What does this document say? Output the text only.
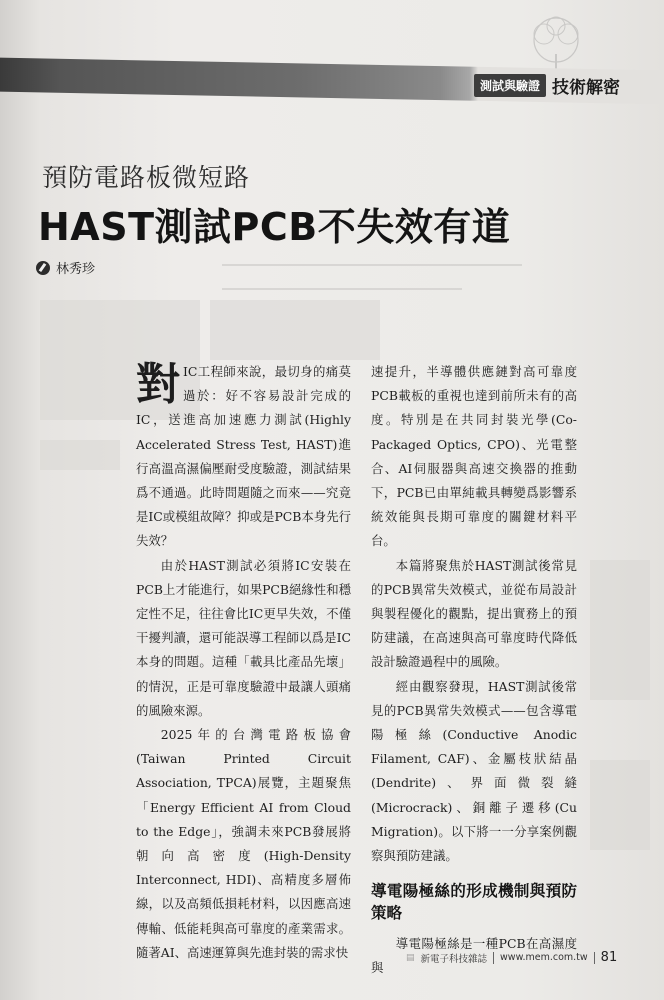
測試與驗證 技術解密
預防電路板微短路
HAST測試PCB不失效有道
林秀珍

對 IC工程師來說，最切身的痛莫過於：好不容易設計完成的IC，送進高加速應力測試(Highly Accelerated Stress Test, HAST)進行高溫高濕偏壓耐受度驗證，測試結果爲不通過。此時問題隨之而來——究竟是IC或模組故障？抑或是PCB本身先行失效？

由於HAST測試必須將IC安裝在PCB上才能進行，如果PCB絕緣性和穩定性不足，往往會比IC更早失效，不僅干擾判讀，還可能誤導工程師以爲是IC本身的問題。這種「載具比產品先壞」的情況，正是可靠度驗證中最讓人頭痛的風險來源。

2025年的台灣電路板協會(Taiwan Printed Circuit Association, TPCA)展覽，主題聚焦「Energy Efficient AI from Cloud to the Edge」，強調未來PCB發展將朝向高密度(High-Density Interconnect, HDI)、高精度多層佈線，以及高頻低損耗材料，以因應高速傳輸、低能耗與高可靠度的產業需求。隨著AI、高速運算與先進封裝的需求快

速提升，半導體供應鏈對高可靠度PCB載板的重視也達到前所未有的高度。特別是在共同封裝光學(Co-Packaged Optics, CPO)、光電整合、AI伺服器與高速交換器的推動下，PCB已由單純載具轉變爲影響系統效能與長期可靠度的關鍵材料平台。

本篇將聚焦於HAST測試後常見的PCB異常失效模式，並從布局設計與製程優化的觀點，提出實務上的預防建議，在高速與高可靠度時代降低設計驗證過程中的風險。

經由觀察發現，HAST測試後常見的PCB異常失效模式——包含導電陽極絲(Conductive Anodic Filament, CAF)、金屬枝狀結晶(Dendrite)、界面微裂縫(Microcrack)、銅離子遷移(Cu Migration)。以下將一一分享案例觀察與預防建議。

導電陽極絲的形成機制與預防策略

導電陽極絲是一種PCB在高濕度與

▤ 新電子科技雜誌 www.mem.com.tw 81
